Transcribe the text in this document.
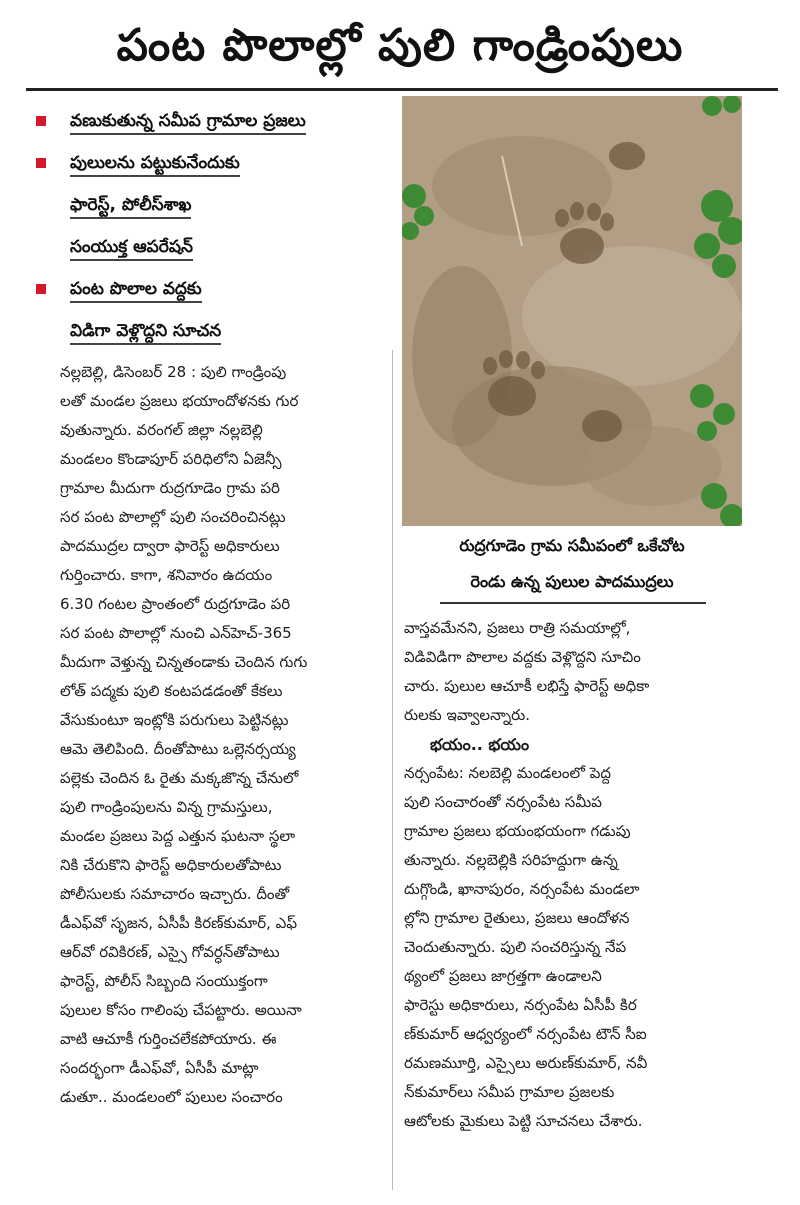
పంట పొలాల్లో పులి గాండ్రింపులు
వణుకుతున్న సమీప గ్రామాల ప్రజలు
పులులను పట్టుకునేందుకు
ఫారెస్ట్, పోలీస్‌శాఖ
సంయుక్త ఆపరేషన్
పంట పొలాల వద్దకు
విడిగా వెళ్లొద్దని సూచన
రుద్రగూడెం గ్రామ సమీపంలో ఒకేచోట
రెండు ఉన్న పులుల పాదముద్రలు
నల్లబెల్లి, డిసెంబర్ 28 : పులి గాండ్రింపు
లతో మండల ప్రజలు భయాందోళనకు గుర
వుతున్నారు. వరంగల్ జిల్లా నల్లబెల్లి
మండలం కొండాపూర్ పరిధిలోని ఏజెన్సీ
గ్రామాల మీదుగా రుద్రగూడెం గ్రామ పరి
సర పంట పొలాల్లో పులి సంచరించినట్లు
పాదముద్రల ద్వారా ఫారెస్ట్ అధికారులు
గుర్తించారు. కాగా, శనివారం ఉదయం
6.30 గంటల ప్రాంతంలో రుద్రగూడెం పరి
సర పంట పొలాల్లో నుంచి ఎన్‌హెచ్-365
మీదుగా వెళ్తున్న చిన్నతండాకు చెందిన గుగు
లోత్ పద్మకు పులి కంటపడడంతో కేకలు
వేసుకుంటూ ఇంట్లోకి పరుగులు పెట్టినట్లు
ఆమె తెలిపింది. దీంతోపాటు ఒల్లెనర్సయ్య
పల్లెకు చెందిన ఓ రైతు మక్కజొన్న చేనులో
పులి గాండ్రింపులను విన్న గ్రామస్తులు,
మండల ప్రజలు పెద్ద ఎత్తున ఘటనా స్థలా
నికి చేరుకొని ఫారెస్ట్ అధికారులతోపాటు
పోలీసులకు సమాచారం ఇచ్చారు. దీంతో
డీఎఫ్‌వో సృజన, ఏసీపీ కిరణ్‌కుమార్, ఎఫ్
ఆర్‌వో రవికిరణ్, ఎస్సై గోవర్ధన్‌తోపాటు
ఫారెస్ట్, పోలీస్ సిబ్బంది సంయుక్తంగా
పులుల కోసం గాలింపు చేపట్టారు. అయినా
వాటి ఆచూకీ గుర్తించలేకపోయారు. ఈ
సందర్భంగా డీఎఫ్‌వో, ఏసీపీ మాట్లా
డుతూ.. మండలంలో పులుల సంచారం
వాస్తవమేనని, ప్రజలు రాత్రి సమయాల్లో,
విడివిడిగా పొలాల వద్దకు వెళ్లొద్దని సూచిం
చారు. పులుల ఆచూకీ లభిస్తే ఫారెస్ట్ అధికా
రులకు ఇవ్వాలన్నారు.
భయం.. భయం
నర్సంపేట: నలబెల్లి మండలంలో పెద్ద
పులి సంచారంతో నర్సంపేట సమీప
గ్రామాల ప్రజలు భయంభయంగా గడుపు
తున్నారు. నల్లబెల్లికి సరిహద్దుగా ఉన్న
దుగ్గొండి, ఖానాపురం, నర్సంపేట మండలా
ల్లోని గ్రామాల రైతులు, ప్రజలు ఆందోళన
చెందుతున్నారు. పులి సంచరిస్తున్న నేప
థ్యంలో ప్రజలు జాగ్రత్తగా ఉండాలని
ఫారెస్టు అధికారులు, నర్సంపేట ఏసీపీ కిర
ణ్‌కుమార్ ఆధ్వర్యంలో నర్సంపేట టౌన్ సీఐ
రమణమూర్తి, ఎస్సైలు అరుణ్‌కుమార్, నవీ
న్‌కుమార్‌లు సమీప గ్రామాల ప్రజలకు
ఆటోలకు మైకులు పెట్టి సూచనలు చేశారు.
